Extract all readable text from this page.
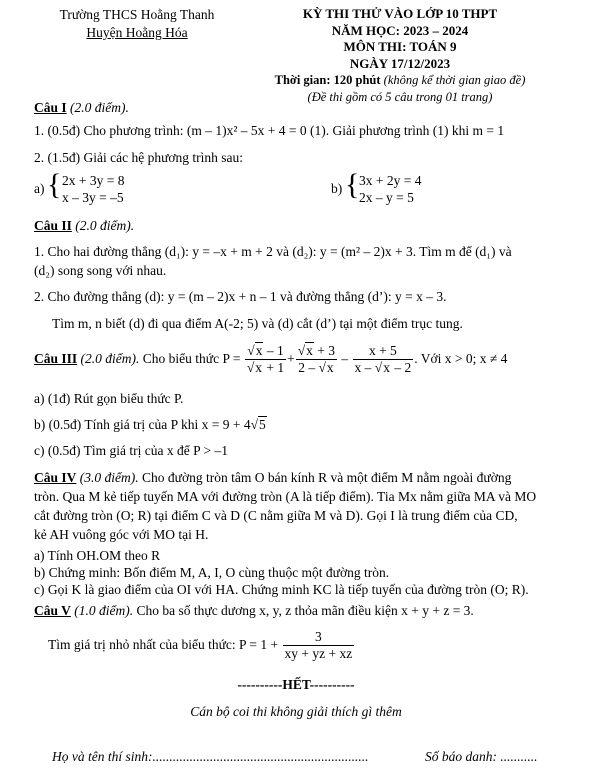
Trường THCS Hoằng Thanh
Huyện Hoằng Hóa
KỲ THI THỬ VÀO LỚP 10 THPT
NĂM HỌC: 2023 – 2024
MÔN THI: TOÁN 9
NGÀY 17/12/2023
Thời gian: 120 phút (không kể thời gian giao đề)
(Đề thi gồm có 5 câu trong 01 trang)
Câu I (2.0 điểm).
1. (0.5đ) Cho phương trình: (m – 1)x² – 5x + 4 = 0 (1). Giải phương trình (1) khi m = 1
2. (1.5đ) Giải các hệ phương trình sau:
a) { 2x + 3y = 8
x – 3y = –5
b) { 3x + 2y = 4
2x – y = 5
Câu II (2.0 điểm).
1. Cho hai đường thẳng (d₁): y = –x + m + 2 và (d₂): y = (m² – 2)x + 3. Tìm m để (d₁) và
(d₂) song song với nhau.
2. Cho đường thẳng (d): y = (m – 2)x + n – 1 và đường thẳng (d’): y = x – 3.
Tìm m, n biết (d) đi qua điểm A(-2; 5) và (d) cắt (d’) tại một điểm trục tung.
Câu III (2.0 điểm). Cho biểu thức $P = \frac{√x - 1}{√x + 1} + \frac{√x + 3}{2 - √x} - \frac{x + 5}{x - √x - 2}$ . Với x > 0; x ≠ 4
a) (1đ) Rút gọn biểu thức P.
b) (0.5đ) Tính giá trị của P khi x = 9 + 4√5
c) (0.5đ) Tìm giá trị của x để P > –1
Câu IV (3.0 điểm). Cho đường tròn tâm O bán kính R và một điểm M nằm ngoài đường
tròn. Qua M kẻ tiếp tuyến MA với đường tròn (A là tiếp điểm). Tia Mx nằm giữa MA và MO
cắt đường tròn (O; R) tại điểm C và D (C nằm giữa M và D). Gọi I là trung điểm của CD,
kẻ AH vuông góc với MO tại H.
a) Tính OH.OM theo R
b) Chứng minh: Bốn điểm M, A, I, O cùng thuộc một đường tròn.
c) Gọi K là giao điểm của OI với HA. Chứng minh KC là tiếp tuyến của đường tròn (O; R).
Câu V (1.0 điểm). Cho ba số thực dương x, y, z thỏa mãn điều kiện x + y + z = 3.
Tìm giá trị nhỏ nhất của biểu thức: $P = 1 + \frac{3}{xy + yz + xz}$
----------HẾT----------
Cán bộ coi thi không giải thích gì thêm
Họ và tên thí sinh:................................................................	Số báo danh: ...........
